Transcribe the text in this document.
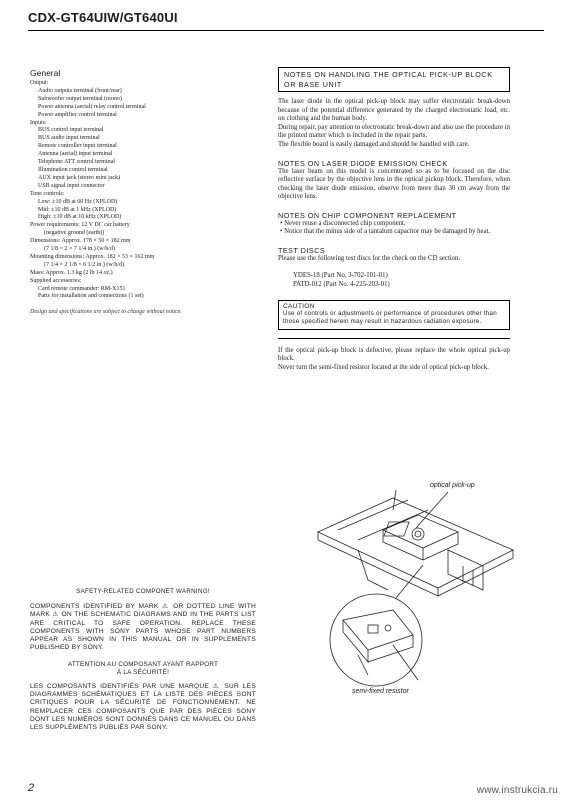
CDX-GT64UIW/GT640UI
General
Output:
Audio outputs terminal (front/rear)
Subwoofer output terminal (mono)
Power antenna (aerial) relay control terminal
Power amplifier control terminal
Inputs:
BUS control input terminal
BUS audio input terminal
Remote controller input terminal
Antenna (aerial) input terminal
Telephone ATT control terminal
Illumination control terminal
AUX input jack (stereo mini jack)
USB signal input connector
Tone controls:
Low: ±10 dB at 60 Hz (XPLOD)
Mid: ±10 dB at 1 kHz (XPLOD)
High: ±10 dB at 10 kHz (XPLOD)
Power requirements: 12 V DC car battery
(negative ground (earth))
Dimensions: Approx. 178 × 50 × 182 mm
(7 1/8 × 2 × 7 1/4 in.) (w/h/d)
Mounting dimensions: Approx. 182 × 53 × 162 mm
(7 1/4 × 2 1/8 × 6 1/2 in.) (w/h/d)
Mass: Approx. 1.3 kg (2 lb 14 oz.)
Supplied accessories:
Card remote commander: RM-X151
Parts for installation and connections (1 set)
Design and specifications are subject to change without notice.
SAFETY-RELATED COMPONET WARNING!
COMPONENTS IDENTIFIED BY MARK ⚠ OR DOTTED LINE WITH MARK ⚠ ON THE SCHEMATIC DIAGRAMS AND IN THE PARTS LIST ARE CRITICAL TO SAFE OPERATION. REPLACE THESE COMPONENTS WITH SONY PARTS WHOSE PART NUMBERS APPEAR AS SHOWN IN THIS MANUAL OR IN SUPPLEMENTS PUBLISHED BY SONY.
ATTENTION AU COMPOSANT AYANT RAPPORT
À LA SÉCURITÉ!
LES COMPOSANTS IDENTIFIÉS PAR UNE MARQUE ⚠ SUR LES DIAGRAMMES SCHÉMATIQUES ET LA LISTE DES PIÈCES SONT CRITIQUES POUR LA SÉCURITÉ DE FONCTIONNEMENT. NE REMPLACER CES COMPOSANTS QUE PAR DES PIÈCES SONY DONT LES NUMÉROS SONT DONNÉS DANS CE MANUEL OU DANS LES SUPPLÉMENTS PUBLIÉS PAR SONY.
NOTES ON HANDLING THE OPTICAL PICK-UP BLOCK OR BASE UNIT
The laser diode in the optical pick-up block may suffer electrostatic break-down because of the potential difference generated by the charged electrostatic load, etc. on clothing and the human body.
During repair, pay attention to electrostatic break-down and also use the procedure in the printed matter which is included in the repair parts.
The flexible board is easily damaged and should be handled with care.
NOTES ON LASER DIODE EMISSION CHECK
The laser beam on this model is concentrated so as to be focused on the disc reflective surface by the objective lens in the optical pickup block. Therefore, when checking the laser diode emission, observe from more than 30 cm away from the objective lens.
NOTES ON CHIP COMPONENT REPLACEMENT
• Never reuse a disconnected chip component.
• Notice that the minus side of a tantalum capacitor may be damaged by heat.
TEST DISCS
Please use the following test discs for the check on the CD section.
YDES-18 (Part No. 3-702-101-01)
PATD-012 (Part No. 4-225-203-01)
CAUTION
Use of controls or adjustments or performance of procedures other than those specified herein may result in hazardous radiation exposure.
If the optical pick-up block is defective, please replace the whole optical pick-up block.
Never turn the semi-fixed resistor located at the side of optical pick-up block.
optical pick-up
semi-fixed resistor
2	www.instrukcia.ru
